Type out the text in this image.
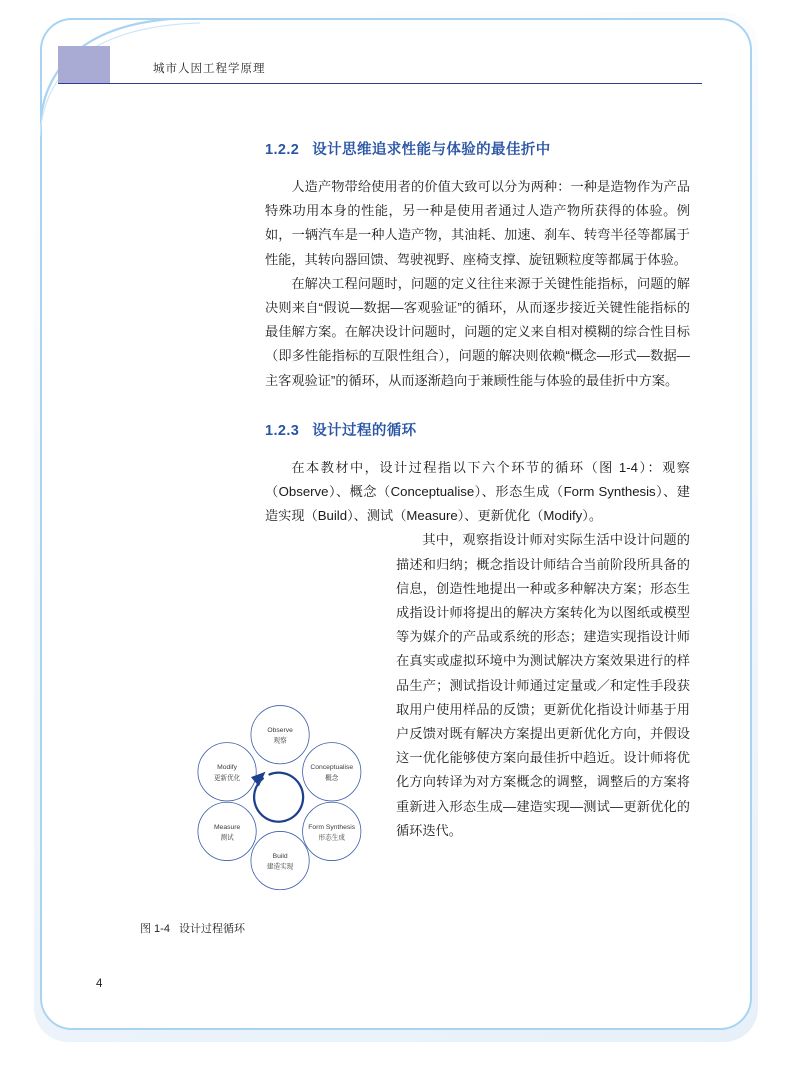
城市人因工程学原理
Observe
观察
Conceptualise
概念
Form Synthesis
形态生成
Build
建造实现
Measure
测试
Modify
更新优化
图 1-4 设计过程循环
1.2.2 设计思维追求性能与体验的最佳折中

人造产物带给使用者的价值大致可以分为两种：一种是造物作为产品特殊功用本身的性能，另一种是使用者通过人造产物所获得的体验。例如，一辆汽车是一种人造产物，其油耗、加速、刹车、转弯半径等都属于性能，其转向器回馈、驾驶视野、座椅支撑、旋钮颗粒度等都属于体验。

在解决工程问题时，问题的定义往往来源于关键性能指标，问题的解决则来自“假说—数据—客观验证”的循环，从而逐步接近关键性能指标的最佳解方案。在解决设计问题时，问题的定义来自相对模糊的综合性目标（即多性能指标的互限性组合），问题的解决则依赖“概念—形式—数据—主客观验证”的循环，从而逐渐趋向于兼顾性能与体验的最佳折中方案。

1.2.3 设计过程的循环

在本教材中，设计过程指以下六个环节的循环（图 1-4）：观察（Observe）、概念（Conceptualise）、形态生成（Form Synthesis）、建造实现（Build）、测试（Measure）、更新优化（Modify）。

其中，观察指设计师对实际生活中设计问题的描述和归纳；概念指设计师结合当前阶段所具备的信息，创造性地提出一种或多种解决方案；形态生成指设计师将提出的解决方案转化为以图纸或模型等为媒介的产品或系统的形态；建造实现指设计师在真实或虚拟环境中为测试解决方案效果进行的样品生产；测试指设计师通过定量或／和定性手段获取用户使用样品的反馈；更新优化指设计师基于用户反馈对既有解决方案提出更新优化方向，并假设这一优化能够使方案向最佳折中趋近。设计师将优化方向转译为对方案概念的调整，调整后的方案将重新进入形态生成—建造实现—测试—更新优化的循环迭代。

4
